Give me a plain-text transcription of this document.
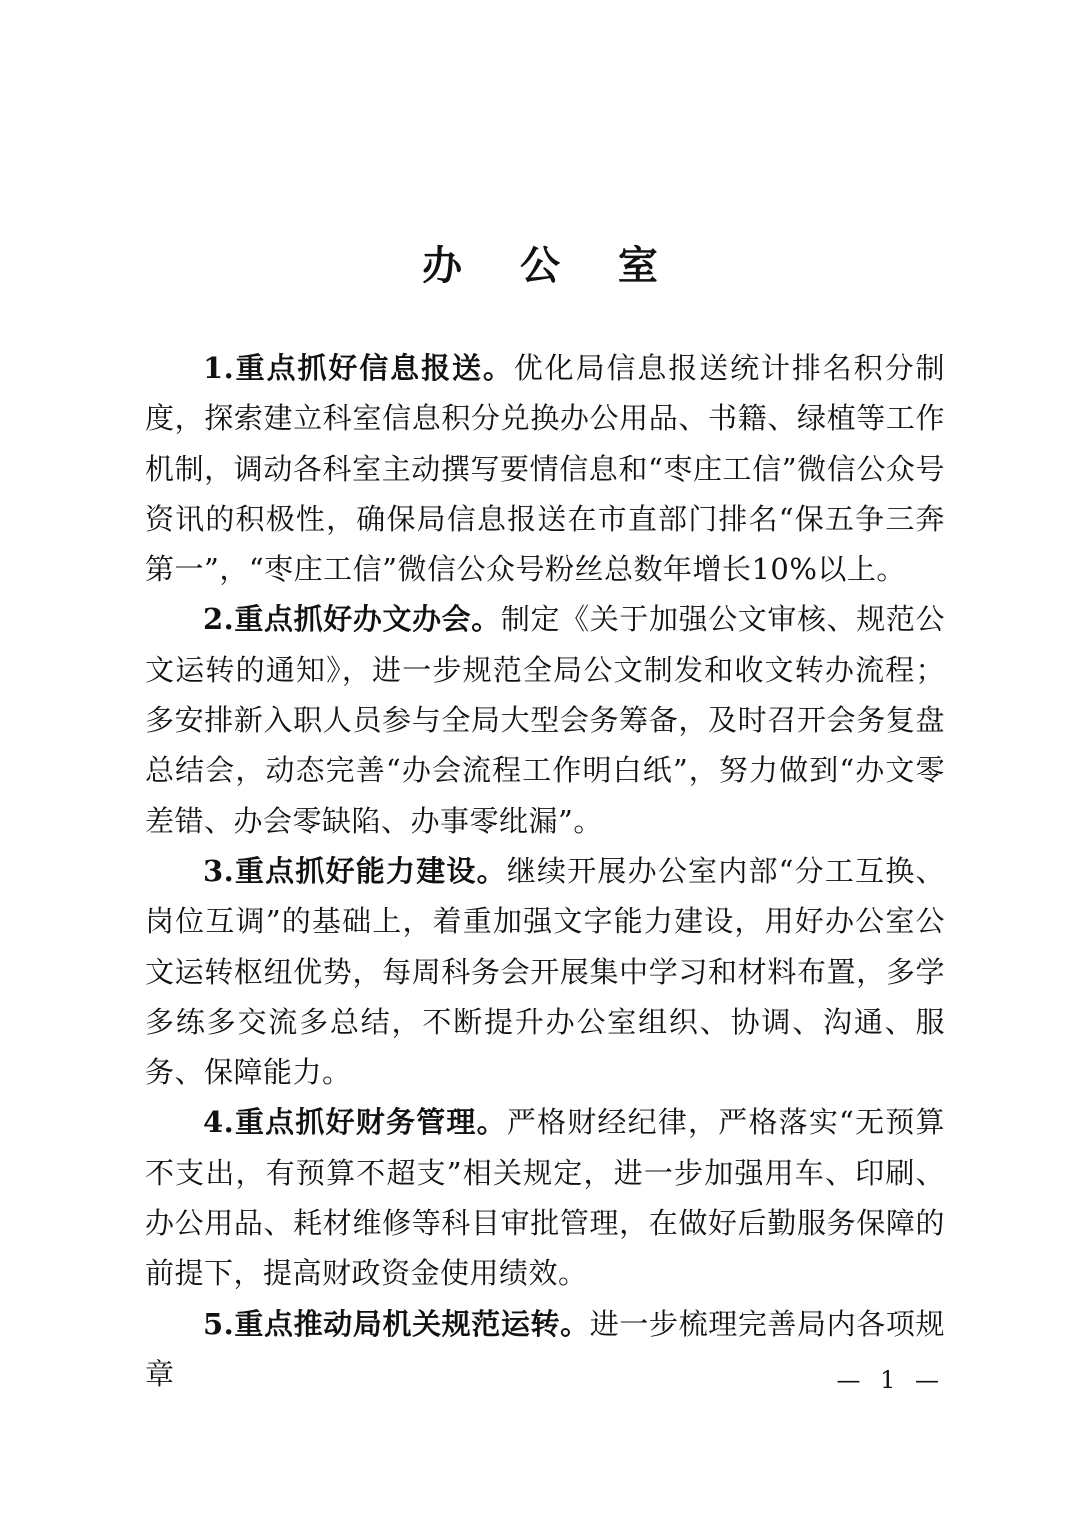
办 公 室

1.重点抓好信息报送。优化局信息报送统计排名积分制度，探索建立科室信息积分兑换办公用品、书籍、绿植等工作机制，调动各科室主动撰写要情信息和“枣庄工信”微信公众号资讯的积极性，确保局信息报送在市直部门排名“保五争三奔第一”，“枣庄工信”微信公众号粉丝总数年增长10%以上。

2.重点抓好办文办会。制定《关于加强公文审核、规范公文运转的通知》，进一步规范全局公文制发和收文转办流程；多安排新入职人员参与全局大型会务筹备，及时召开会务复盘总结会，动态完善“办会流程工作明白纸”，努力做到“办文零差错、办会零缺陷、办事零纰漏”。

3.重点抓好能力建设。继续开展办公室内部“分工互换、岗位互调”的基础上，着重加强文字能力建设，用好办公室公文运转枢纽优势，每周科务会开展集中学习和材料布置，多学多练多交流多总结，不断提升办公室组织、协调、沟通、服务、保障能力。

4.重点抓好财务管理。严格财经纪律，严格落实“无预算不支出，有预算不超支”相关规定，进一步加强用车、印刷、办公用品、耗材维修等科目审批管理，在做好后勤服务保障的前提下，提高财政资金使用绩效。

5.重点推动局机关规范运转。进一步梳理完善局内各项规章	— 1 —
